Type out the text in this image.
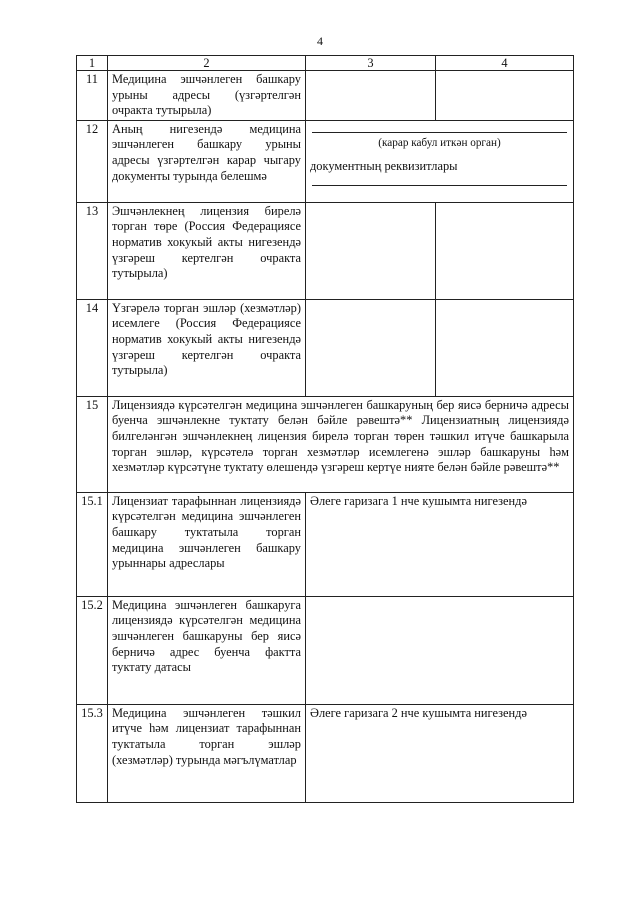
4
1	2	3	4
11	Медицина эшчәнлеген башкару урыны адресы (үзгәртелгән очракта тутырыла)		
12	Аның нигезендә медицина эшчәнлеген башкару урыны адресы үзгәртелгән карар чыгару документы турында белешмә	(карар кабул иткән орган)
документның реквизитлары	

13	Эшчәнлекнең лицензия бирелә торган төре (Россия Федерациясе норматив хокукый акты нигезендә үзгәреш кертелгән очракта тутырыла)		
14	Үзгәрелә торган эшләр (хезмәтләр) исемлеге (Россия Федерациясе норматив хокукый акты нигезендә үзгәреш кертелгән очракта тутырыла)		
15	Лицензиядә күрсәтелгән медицина эшчәнлеген башкаруның бер яисә берничә адресы буенча эшчәнлекне туктату белән бәйле рәвештә** Лицензиатның лицензиядә билгеләнгән эшчәнлекнең лицензия бирелә торган төрен тәшкил итүче башкарыла торган эшләр, күрсәтелә торган хезмәтләр исемлегенә эшләр башкаруны һәм хезмәтләр күрсәтүне туктату өлешендә үзгәреш кертүе нияте белән бәйле рәвештә**		
15.1	Лицензиат тарафыннан лицензиядә күрсәтелгән медицина эшчәнлеген башкару туктатыла торган медицина эшчәнлеген башкару урыннары адреслары	Әлеге гаризага 1 нче кушымта нигезендә	
15.2	Медицина эшчәнлеген башкаруга лицензиядә күрсәтелгән медицина эшчәнлеген башкаруны бер яисә берничә адрес буенча фактта туктату датасы		
15.3	Медицина эшчәнлеген тәшкил итүче һәм лицензиат тарафыннан туктатыла торган эшләр (хезмәтләр) турында мәгълүматлар	Әлеге гаризага 2 нче кушымта нигезендә	
